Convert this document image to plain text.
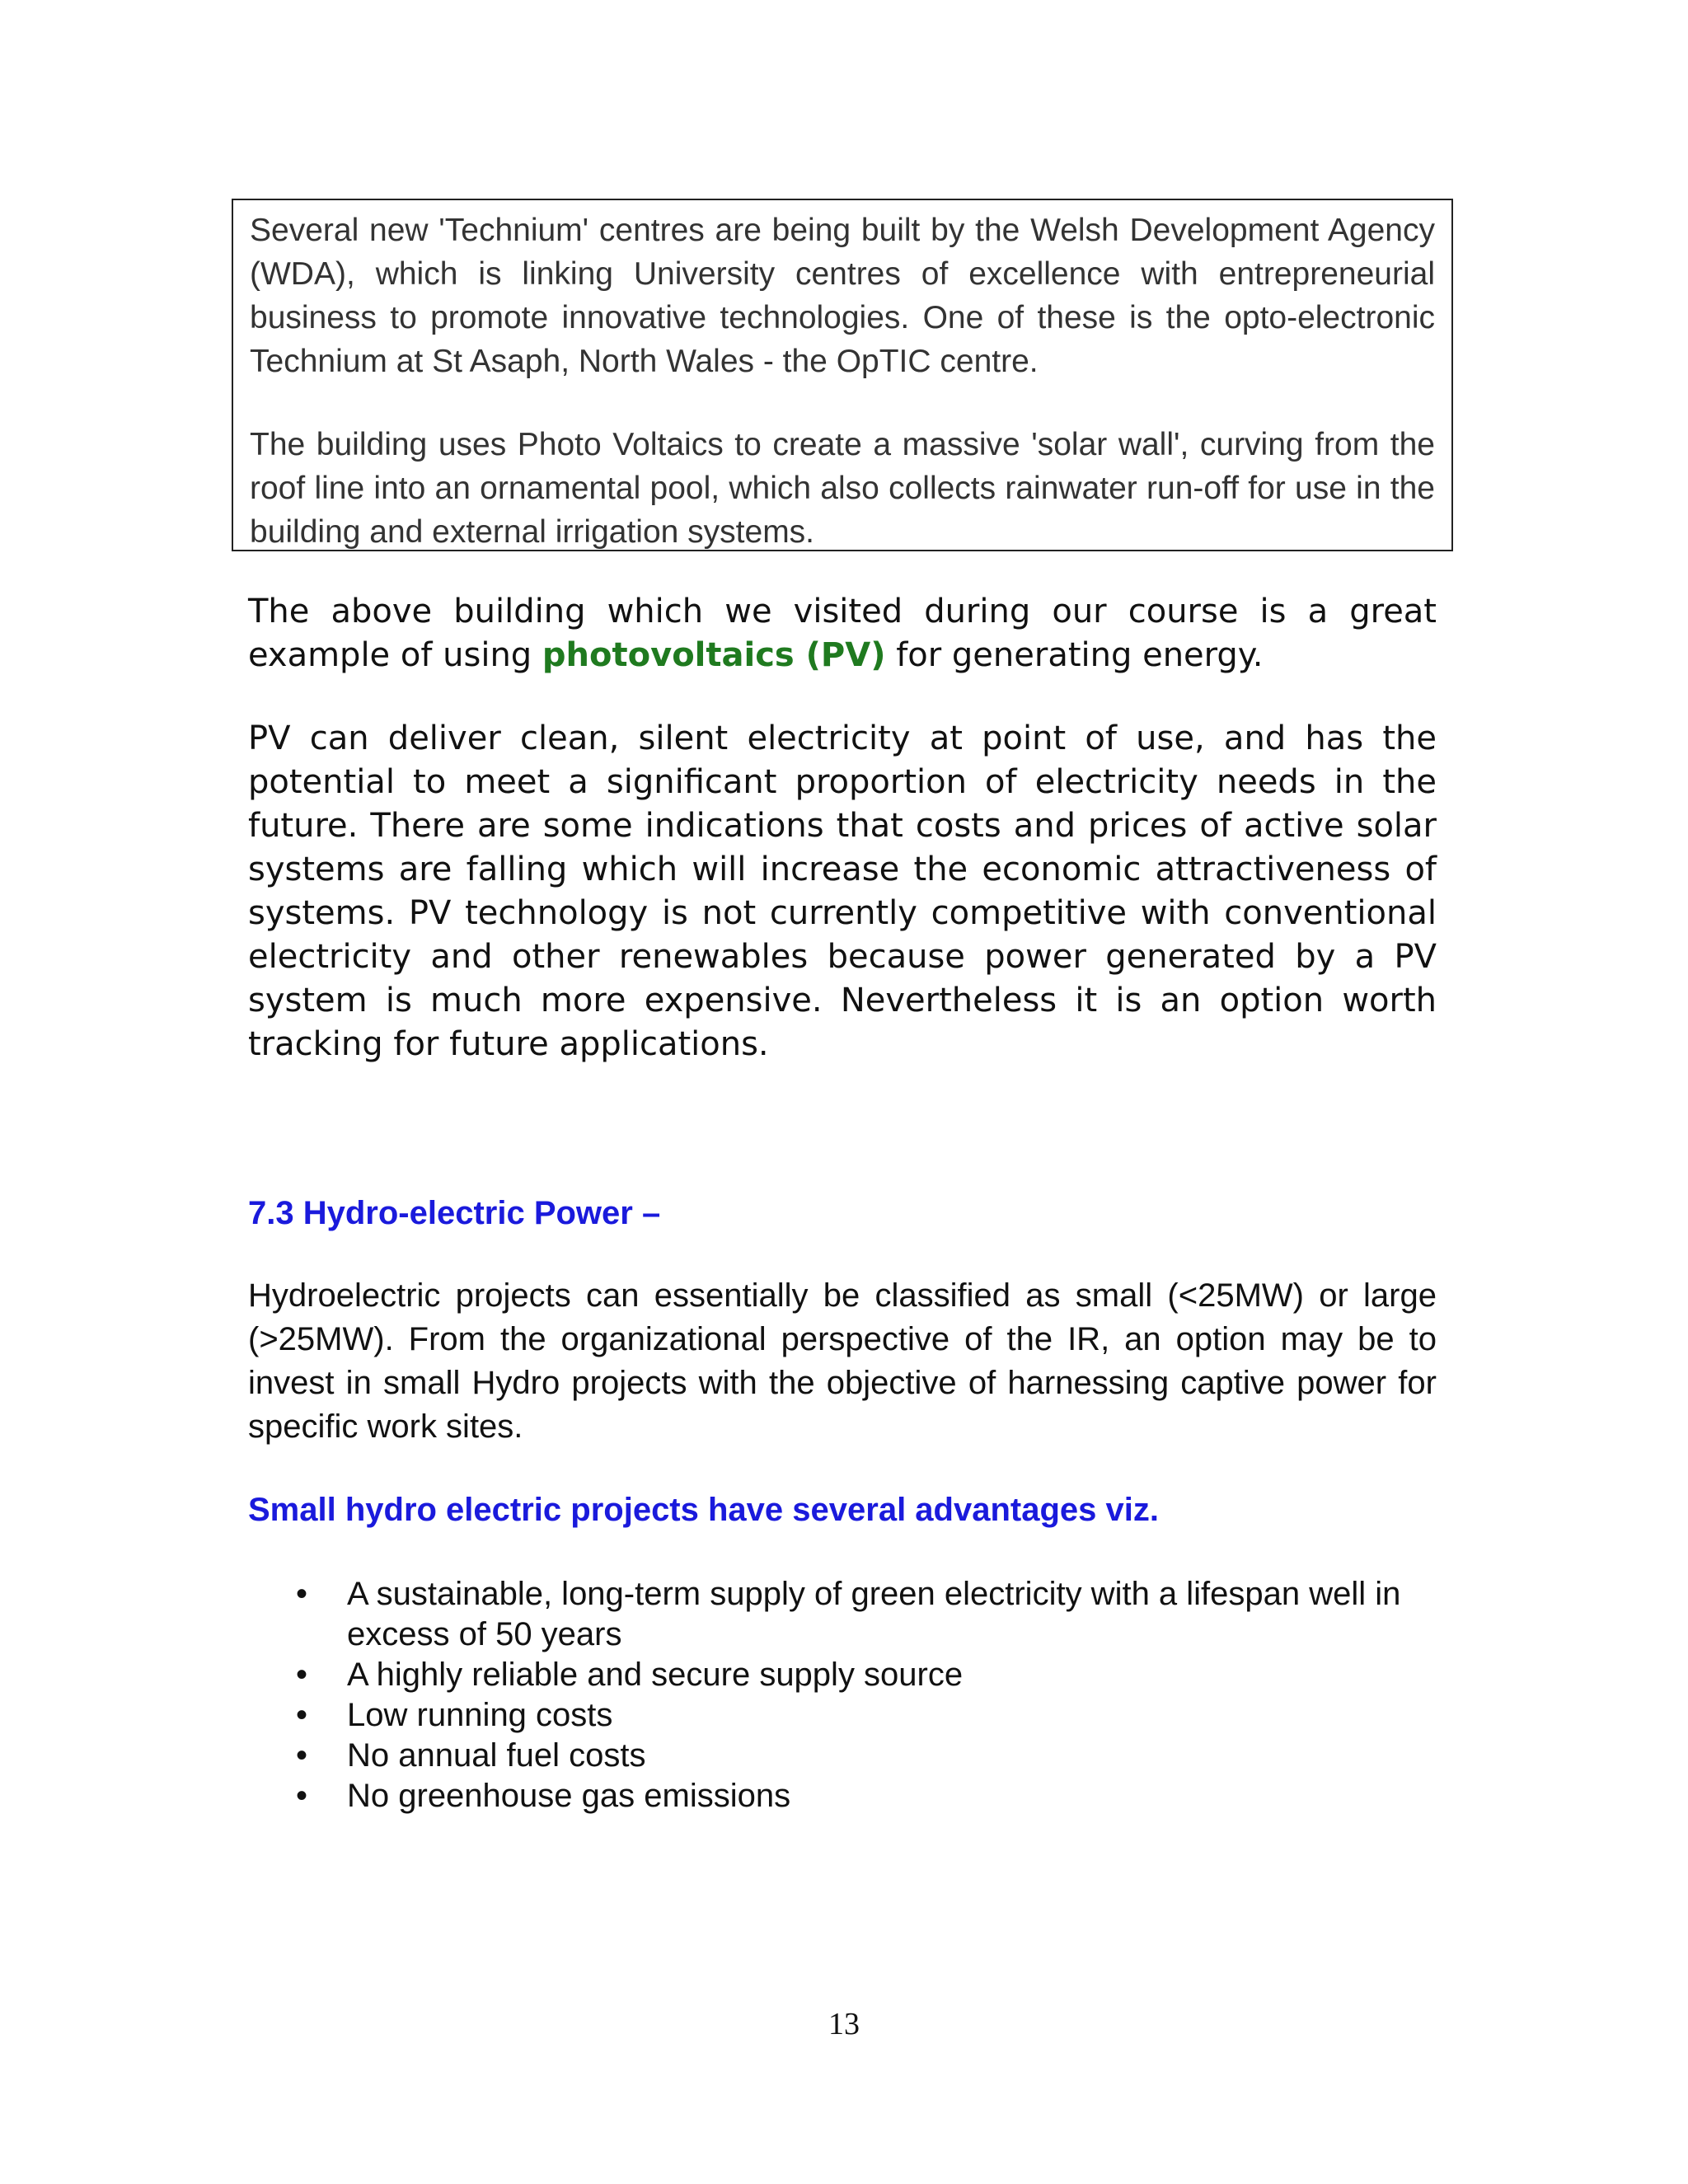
Several new 'Technium' centres are being built by the Welsh Development Agency (WDA), which is linking University centres of excellence with entrepreneurial business to promote innovative technologies. One of these is the opto-electronic Technium at St Asaph, North Wales - the OpTIC centre.

The building uses Photo Voltaics to create a massive 'solar wall', curving from the roof line into an ornamental pool, which also collects rainwater run-off for use in the building and external irrigation systems.

The above building which we visited during our course is a great example of using photovoltaics (PV) for generating energy.

PV can deliver clean, silent electricity at point of use, and has the potential to meet a significant proportion of electricity needs in the future. There are some indications that costs and prices of active solar systems are falling which will increase the economic attractiveness of systems. PV technology is not currently competitive with conventional electricity and other renewables because power generated by a PV system is much more expensive. Nevertheless it is an option worth tracking for future applications.

7.3 Hydro-electric Power –

Hydroelectric projects can essentially be classified as small (<25MW) or large (>25MW). From the organizational perspective of the IR, an option may be to invest in small Hydro projects with the objective of harnessing captive power for specific work sites.

Small hydro electric projects have several advantages viz.
• A sustainable, long-term supply of green electricity with a lifespan well in excess of 50 years
• A highly reliable and secure supply source
• Low running costs
• No annual fuel costs
• No greenhouse gas emissions
13
